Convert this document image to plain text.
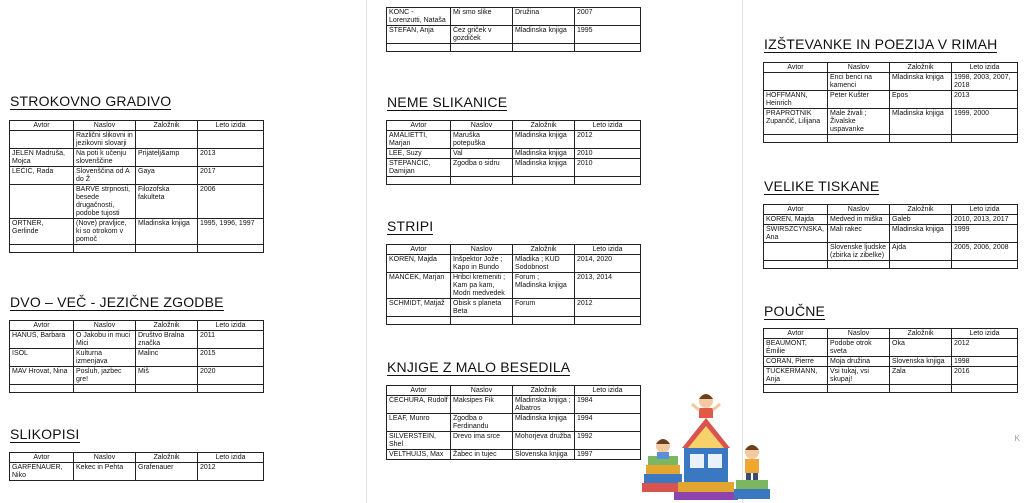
STROKOVNO GRADIVO
Avtor	Naslov	Založnik	Leto izida
	Različni slikovni in jezikovni slovarji		
JELEN Madruša, Mojca	Na poti k učenju slovenščine	Prijatelj&amp	2013
LEČIĆ, Rada	Slovenščina od A do Ž	Gaya	2017
	BARVE strpnosti, besede drugačnosti, podobe tujosti	Filozofska fakulteta	2006
ORTNER, Gerlinde	(Nove) pravljice, ki so otrokom v pomoč	Mladinska knjiga	1995, 1996, 1997

DVO – VEČ - JEZIČNE ZGODBE
Avtor	Naslov	Založnik	Leto izida
HANUŠ, Barbara	O Jakobu in muci Mici	Društvo Bralna značka	2011
ISOL	Kulturna izmenjava	Malinc	2015
MAV Hrovat, Nina	Posluh, jazbec gre!	Miš	2020

SLIKOPISI
Avtor	Naslov	Založnik	Leto izida
GARFENAUER, Niko	Kekec in Pehta	Grafenauer	2012
KONC - Lorenzutti, Nataša	Mi smo slike	Družina	2007
ŠTEFAN, Anja	Čez griček v gozdiček	Mladinska knjiga	1995

NEME SLIKANICE
Avtor	Naslov	Založnik	Leto izida
AMALIETTI, Marjan	Maruška potepuška	Mladinska knjiga	2012
LEE, Suzy	Val	Mladinska knjiga	2010
STEPANČIČ, Damijan	Zgodba o sidru	Mladinska knjiga	2010

STRIPI
Avtor	Naslov	Založnik	Leto izida
KOREN, Majda	Inšpektor Jože ; Kapo in Bundo	Mladika ; KUD Sodobnost	2014, 2020
MANČEK, Marjan	Hribci kremeniti ; Kam pa kam, Modri medvedek	Forum ; Mladinska knjiga	2013, 2014
SCHMIDT, Matjaž	Obisk s planeta Beta	Forum	2012

KNJIGE Z MALO BESEDILA
Avtor	Naslov	Založnik	Leto izida
ČECHURA, Rudolf	Maksipes Fik	Mladinska knjiga ; Albatros	1984
LEAF, Munro	Zgodba o Ferdinandu	Mladinska knjiga	1994
SILVERSTEIN, Shel	Drevo ima srce	Mohorjeva družba	1992
VELTHUIJS, Max	Žabec in tujec	Slovenska knjiga	1997
IZŠTEVANKE IN POEZIJA V RIMAH
Avtor	Naslov	Založnik	Leto izida
	Enci benci na kamenci	Mladinska knjiga	1998, 2003, 2007, 2018
HOFFMANN, Heinrich	Peter Kušter	Epos	2013
PRAPROTNIK Zupančič, Lilijana	Male živali ; Živalske uspavanke	Mladinska knjiga	1999, 2000

VELIKE TISKANE
Avtor	Naslov	Založnik	Leto izida
KOREN, Majda	Medved in miška	Galeb	2010, 2013, 2017
ŠWIRSZCYNSKA, Ana	Mali rakec	Mladinska knjiga	1999
	Slovenske ljudske (zbirka iz zibelke)	Ajda	2005, 2006, 2008

POUČNE
Avtor	Naslov	Založnik	Leto izida
BEAUMONT, Émilie	Podobe otrok sveta	Oka	2012
CORAN, Pierre	Moja družina	Slovenska knjiga	1998
TUCKERMANN, Anja	Vsi tukaj, vsi skupaj!	Zala	2016

K
